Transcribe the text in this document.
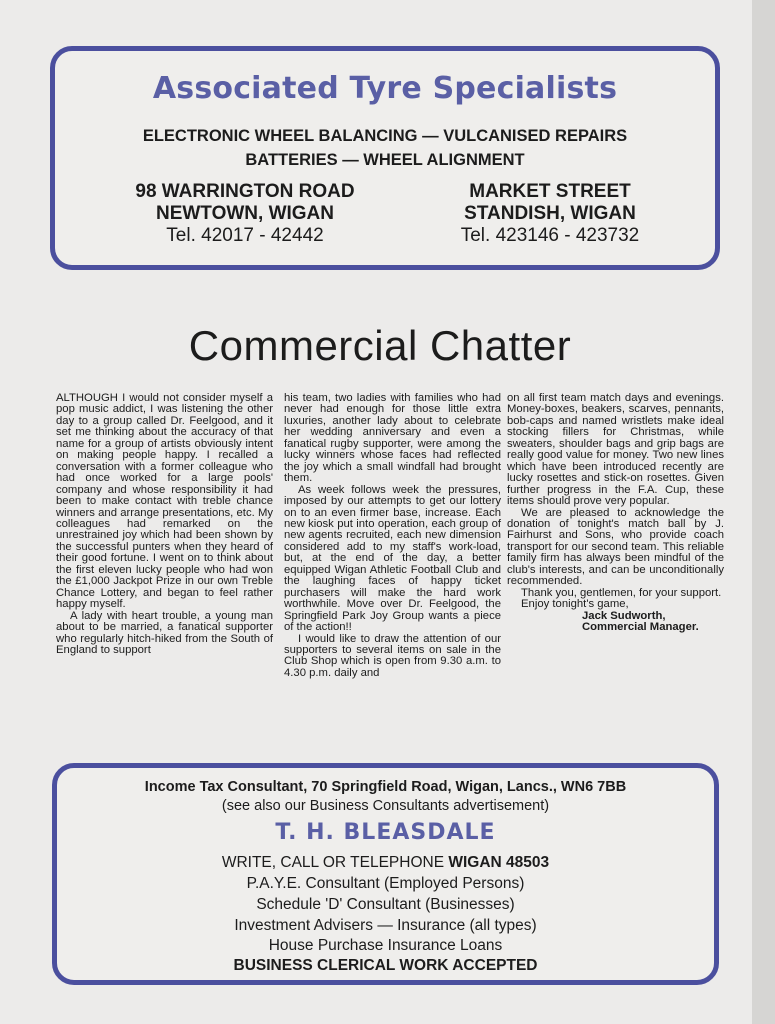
Associated Tyre Specialists
ELECTRONIC WHEEL BALANCING — VULCANISED REPAIRS
BATTERIES — WHEEL ALIGNMENT
98 WARRINGTON ROAD
NEWTOWN, WIGAN
Tel. 42017 - 42442
MARKET STREET
STANDISH, WIGAN
Tel. 423146 - 423732
Commercial Chatter

ALTHOUGH I would not consider myself a pop music addict, I was listening the other day to a group called Dr. Feelgood, and it set me thinking about the accuracy of that name for a group of artists obviously intent on making people happy. I recalled a conversation with a former colleague who had once worked for a large pools' company and whose responsibility it had been to make contact with treble chance winners and arrange presentations, etc. My colleagues had remarked on the unrestrained joy which had been shown by the successful punters when they heard of their good fortune. I went on to think about the first eleven lucky people who had won the £1,000 Jackpot Prize in our own Treble Chance Lottery, and began to feel rather happy myself.

A lady with heart trouble, a young man about to be married, a fanatical supporter who regularly hitch-hiked from the South of England to support

his team, two ladies with families who had never had enough for those little extra luxuries, another lady about to celebrate her wedding anniversary and even a fanatical rugby supporter, were among the lucky winners whose faces had reflected the joy which a small windfall had brought them.

As week follows week the pressures, imposed by our attempts to get our lottery on to an even firmer base, increase. Each new kiosk put into operation, each group of new agents recruited, each new dimension considered add to my staff's work-load, but, at the end of the day, a better equipped Wigan Athletic Football Club and the laughing faces of happy ticket purchasers will make the hard work worthwhile. Move over Dr. Feelgood, the Springfield Park Joy Group wants a piece of the action!!

I would like to draw the attention of our supporters to several items on sale in the Club Shop which is open from 9.30 a.m. to 4.30 p.m. daily and

on all first team match days and evenings. Money-boxes, beakers, scarves, pennants, bob-caps and named wristlets make ideal stocking fillers for Christmas, while sweaters, shoulder bags and grip bags are really good value for money. Two new lines which have been introduced recently are lucky rosettes and stick-on rosettes. Given further progress in the F.A. Cup, these items should prove very popular.

We are pleased to acknowledge the donation of tonight's match ball by J. Fairhurst and Sons, who provide coach transport for our second team. This reliable family firm has always been mindful of the club's interests, and can be unconditionally recommended.

Thank you, gentlemen, for your support.

Enjoy tonight's game,

Jack Sudworth,

Commercial Manager.

Income Tax Consultant, 70 Springfield Road, Wigan, Lancs., WN6 7BB
(see also our Business Consultants advertisement)
T. H. BLEASDALE
WRITE, CALL OR TELEPHONE WIGAN 48503
P.A.Y.E. Consultant (Employed Persons)
Schedule 'D' Consultant (Businesses)
Investment Advisers — Insurance (all types)
House Purchase Insurance Loans
BUSINESS CLERICAL WORK ACCEPTED
